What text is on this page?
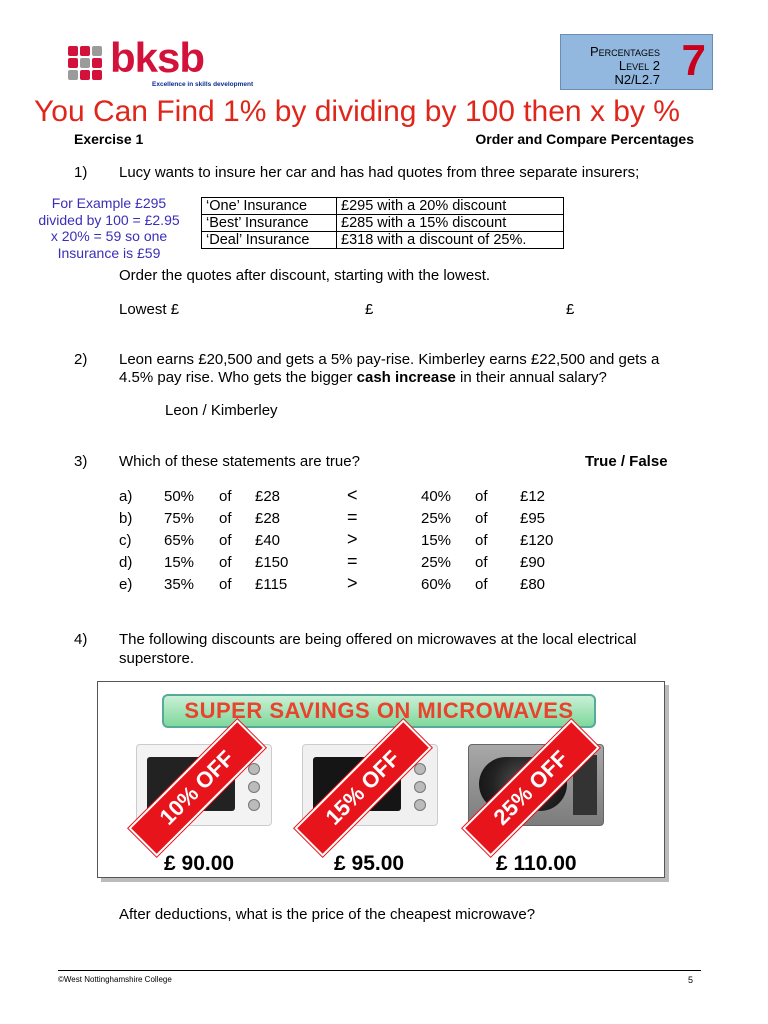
bksb
Excellence in skills development
Percentages
Level 2
N2/L2.7 7
You Can Find 1% by dividing by 100 then x by %
Exercise 1	Order and Compare Percentages
1) Lucy wants to insure her car and has had quotes from three separate insurers;
For Example £295
divided by 100 = £2.95
x 20% = 59 so one
Insurance is £59
‘One’ Insurance	£295 with a 20% discount
‘Best’ Insurance	£285 with a 15% discount
‘Deal’ Insurance	£318 with a discount of 25%.
Order the quotes after discount, starting with the lowest.
Lowest £	£	£
2) Leon earns £20,500 and gets a 5% pay-rise. Kimberley earns £22,500 and gets a
4.5% pay rise. Who gets the bigger cash increase in their annual salary?
Leon / Kimberley
3) Which of these statements are true?	True / False
a) 50% of £28	<	40% of £12
b) 75% of £28	=	25% of £95
c) 65% of £40	>	15% of £120
d) 15% of £150	=	25% of £90
e) 35% of £115	>	60% of £80
4) The following discounts are being offered on microwaves at the local electrical
superstore.
SUPER SAVINGS ON MICROWAVES
10% OFF
£ 90.00
15% OFF
£ 95.00
25% OFF
£ 110.00
After deductions, what is the price of the cheapest microwave?
©West Nottinghamshire College	5
